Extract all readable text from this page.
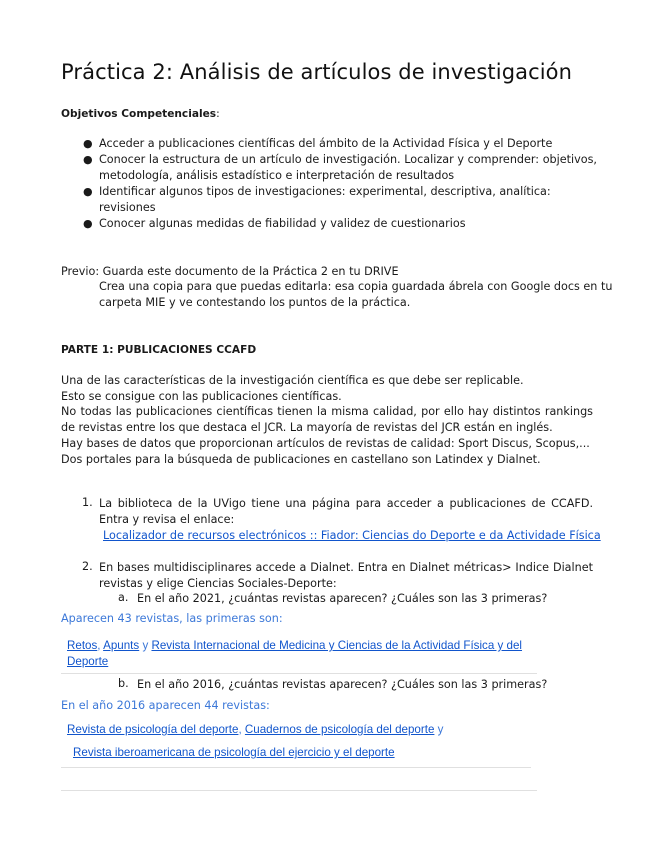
Práctica 2: Análisis de artículos de investigación
Objetivos Competenciales:
● Acceder a publicaciones científicas del ámbito de la Actividad Física y el Deporte
● Conocer la estructura de un artículo de investigación. Localizar y comprender: objetivos, metodología, análisis estadístico e interpretación de resultados
● Identificar algunos tipos de investigaciones: experimental, descriptiva, analítica: revisiones
● Conocer algunas medidas de fiabilidad y validez de cuestionarios
Previo: Guarda este documento de la Práctica 2 en tu DRIVE
Crea una copia para que puedas editarla: esa copia guardada ábrela con Google docs en tu
carpeta MIE y ve contestando los puntos de la práctica.
PARTE 1: PUBLICACIONES CCAFD
Una de las características de la investigación científica es que debe ser replicable.
Esto se consigue con las publicaciones científicas.
No todas las publicaciones científicas tienen la misma calidad, por ello hay distintos rankings de revistas entre los que destaca el JCR. La mayoría de revistas del JCR están en inglés.
Hay bases de datos que proporcionan artículos de revistas de calidad: Sport Discus, Scopus,...
Dos portales para la búsqueda de publicaciones en castellano son Latindex y Dialnet.
1. La biblioteca de la UVigo tiene una página para acceder a publicaciones de CCAFD. Entra y revisa el enlace:
Localizador de recursos electrónicos :: Fiador: Ciencias do Deporte e da Actividade Física
2. En bases multidisciplinares accede a Dialnet. Entra en Dialnet métricas> Indice Dialnet revistas y elige Ciencias Sociales-Deporte:
a. En el año 2021, ¿cuántas revistas aparecen? ¿Cuáles son las 3 primeras?
Aparecen 43 revistas, las primeras son:
Retos, Apunts y Revista Internacional de Medicina y Ciencias de la Actividad Física y del Deporte
b. En el año 2016, ¿cuántas revistas aparecen? ¿Cuáles son las 3 primeras?
En el año 2016 aparecen 44 revistas:
Revista de psicología del deporte, Cuadernos de psicología del deporte y
Revista iberoamericana de psicología del ejercicio y el deporte
